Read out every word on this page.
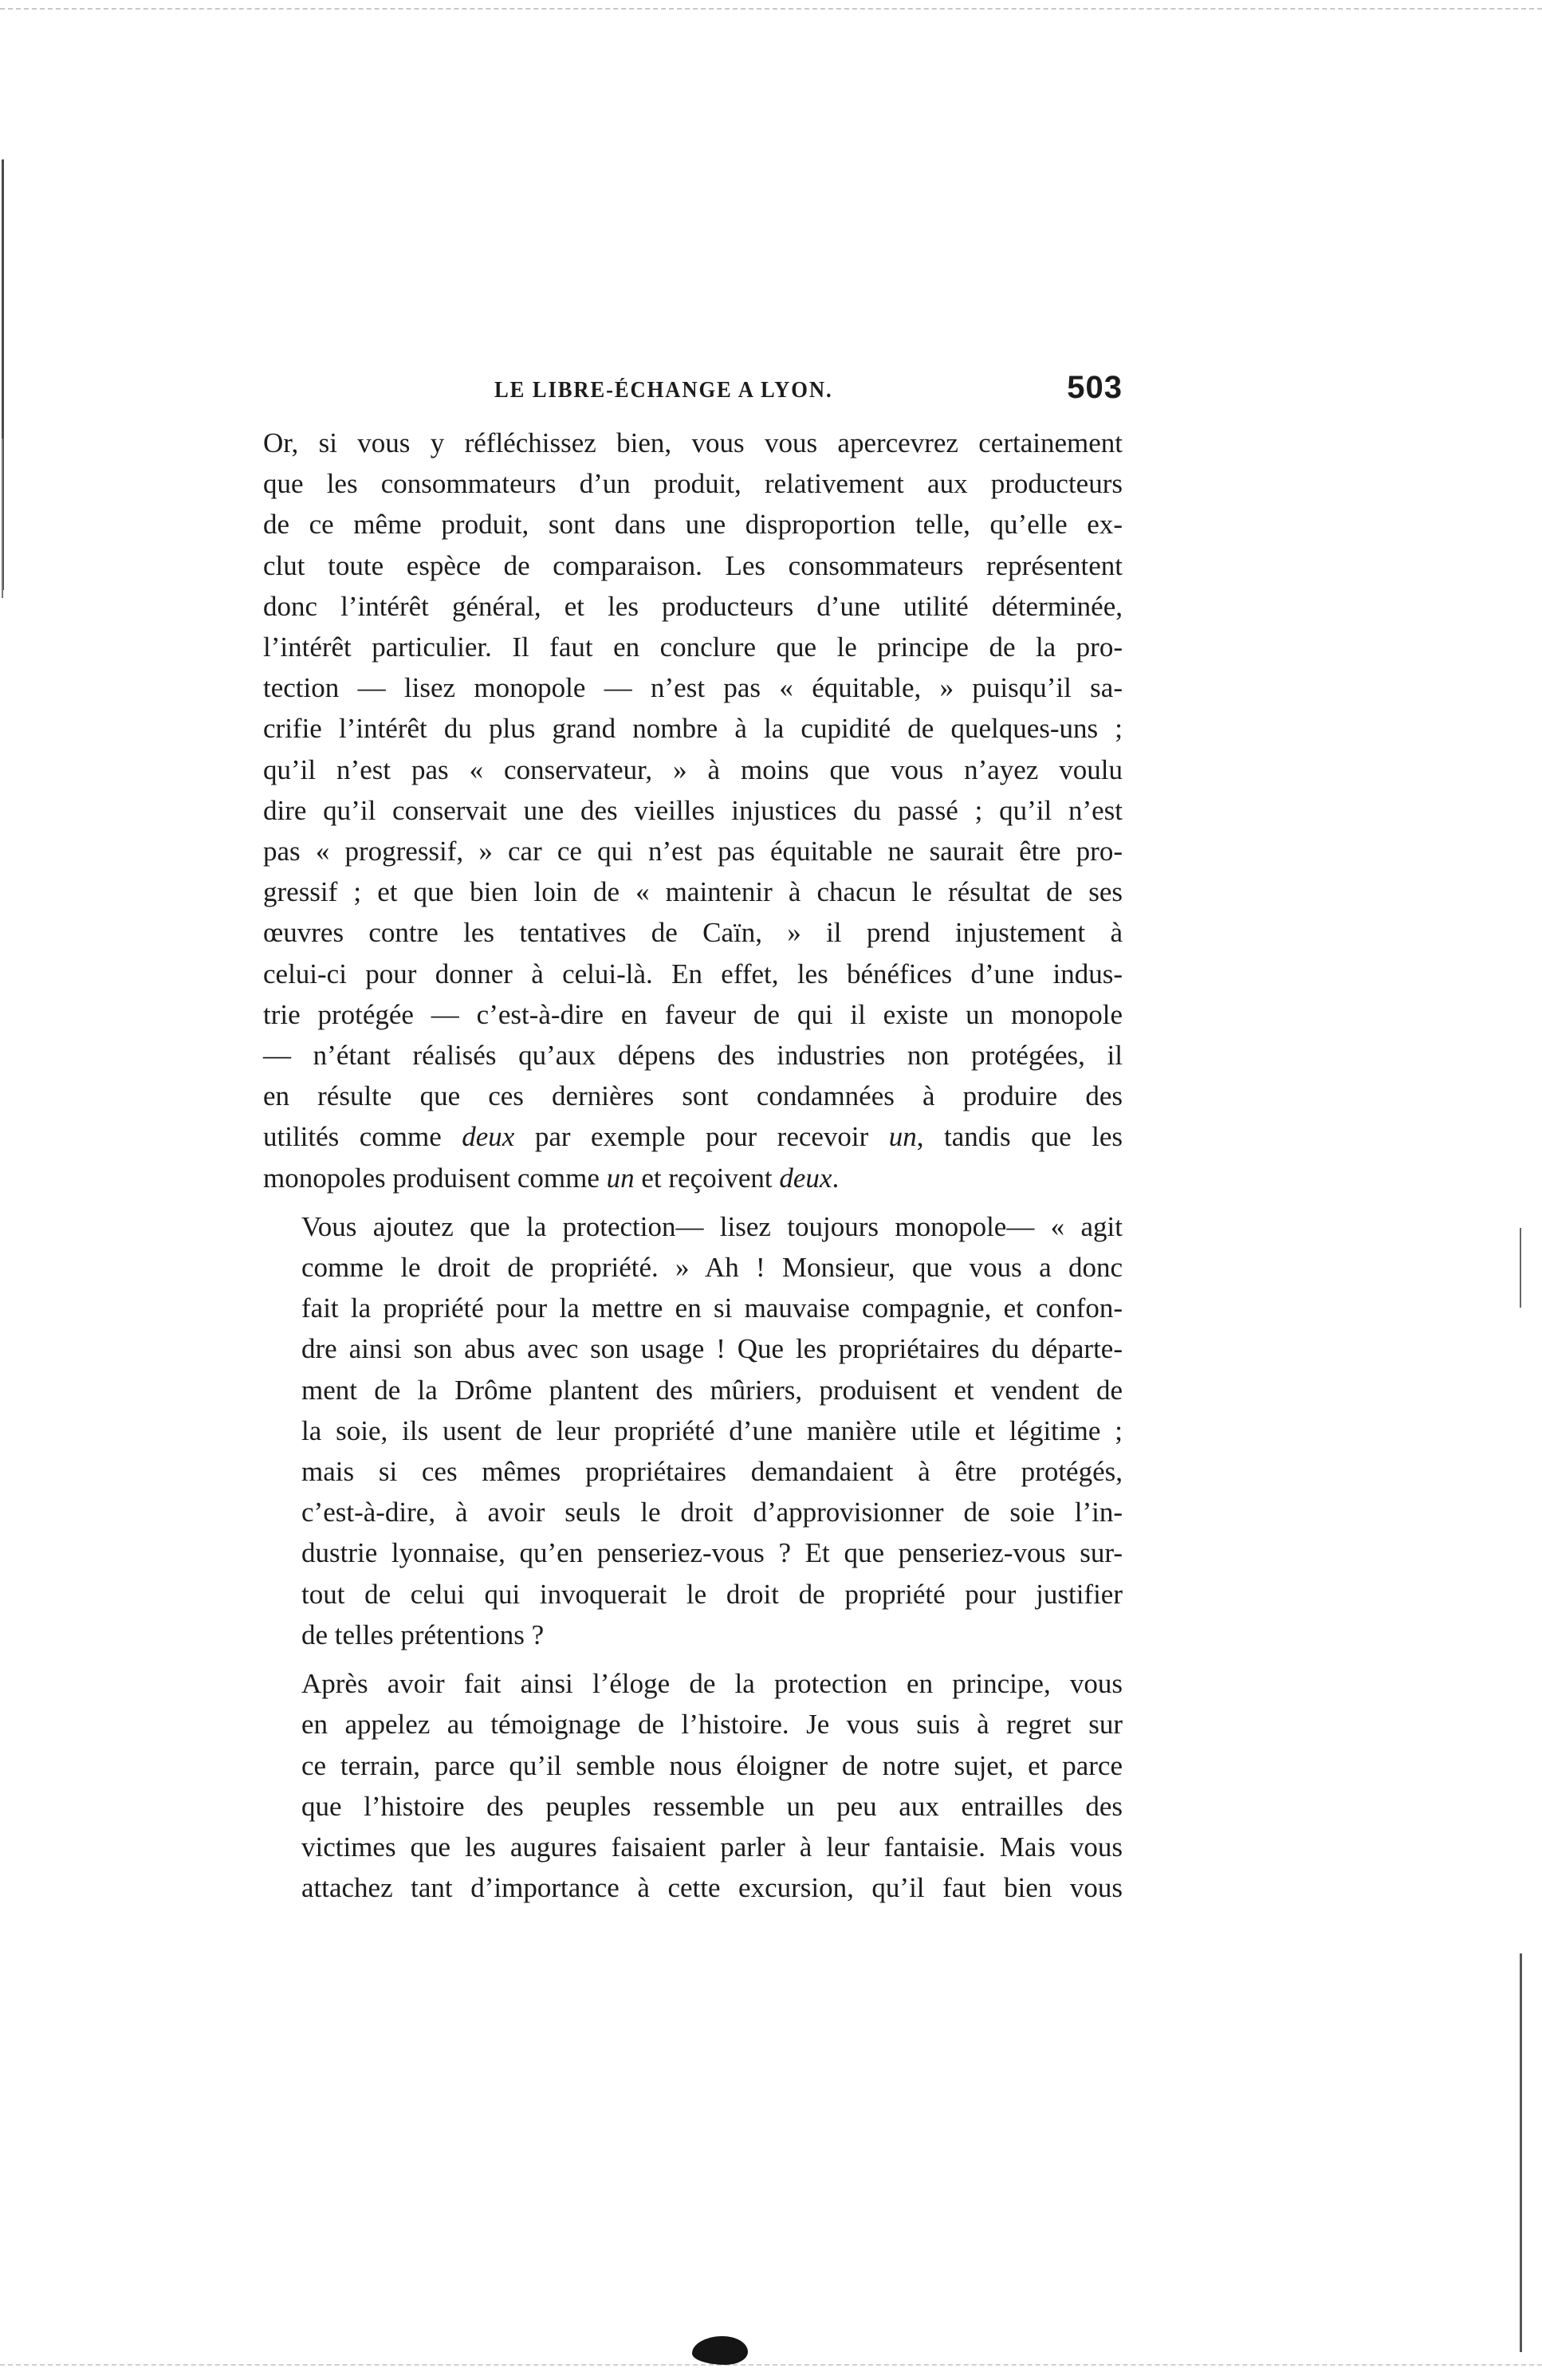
LE LIBRE-ÉCHANGE A LYON.	503

Or, si vous y réfléchissez bien, vous vous apercevrez certainement
que les consommateurs d’un produit, relativement aux producteurs
de ce même produit, sont dans une disproportion telle, qu’elle ex-
clut toute espèce de comparaison. Les consommateurs représentent
donc l’intérêt général, et les producteurs d’une utilité déterminée,
l’intérêt particulier. Il faut en conclure que le principe de la pro-
tection — lisez monopole — n’est pas « équitable, » puisqu’il sa-
crifie l’intérêt du plus grand nombre à la cupidité de quelques-uns ;
qu’il n’est pas « conservateur, » à moins que vous n’ayez voulu
dire qu’il conservait une des vieilles injustices du passé ; qu’il n’est
pas « progressif, » car ce qui n’est pas équitable ne saurait être pro-
gressif ; et que bien loin de « maintenir à chacun le résultat de ses
œuvres contre les tentatives de Caïn, » il prend injustement à
celui-ci pour donner à celui-là. En effet, les bénéfices d’une indus-
trie protégée — c’est-à-dire en faveur de qui il existe un monopole
— n’étant réalisés qu’aux dépens des industries non protégées, il
en résulte que ces dernières sont condamnées à produire des
utilités comme deux par exemple pour recevoir un, tandis que les
monopoles produisent comme un et reçoivent deux.

Vous ajoutez que la protection— lisez toujours monopole— « agit
comme le droit de propriété. » Ah ! Monsieur, que vous a donc
fait la propriété pour la mettre en si mauvaise compagnie, et confon-
dre ainsi son abus avec son usage ! Que les propriétaires du départe-
ment de la Drôme plantent des mûriers, produisent et vendent de
la soie, ils usent de leur propriété d’une manière utile et légitime ;
mais si ces mêmes propriétaires demandaient à être protégés,
c’est-à-dire, à avoir seuls le droit d’approvisionner de soie l’in-
dustrie lyonnaise, qu’en penseriez-vous ? Et que penseriez-vous sur-
tout de celui qui invoquerait le droit de propriété pour justifier
de telles prétentions ?

Après avoir fait ainsi l’éloge de la protection en principe, vous
en appelez au témoignage de l’histoire. Je vous suis à regret sur
ce terrain, parce qu’il semble nous éloigner de notre sujet, et parce
que l’histoire des peuples ressemble un peu aux entrailles des
victimes que les augures faisaient parler à leur fantaisie. Mais vous
attachez tant d’importance à cette excursion, qu’il faut bien vous
